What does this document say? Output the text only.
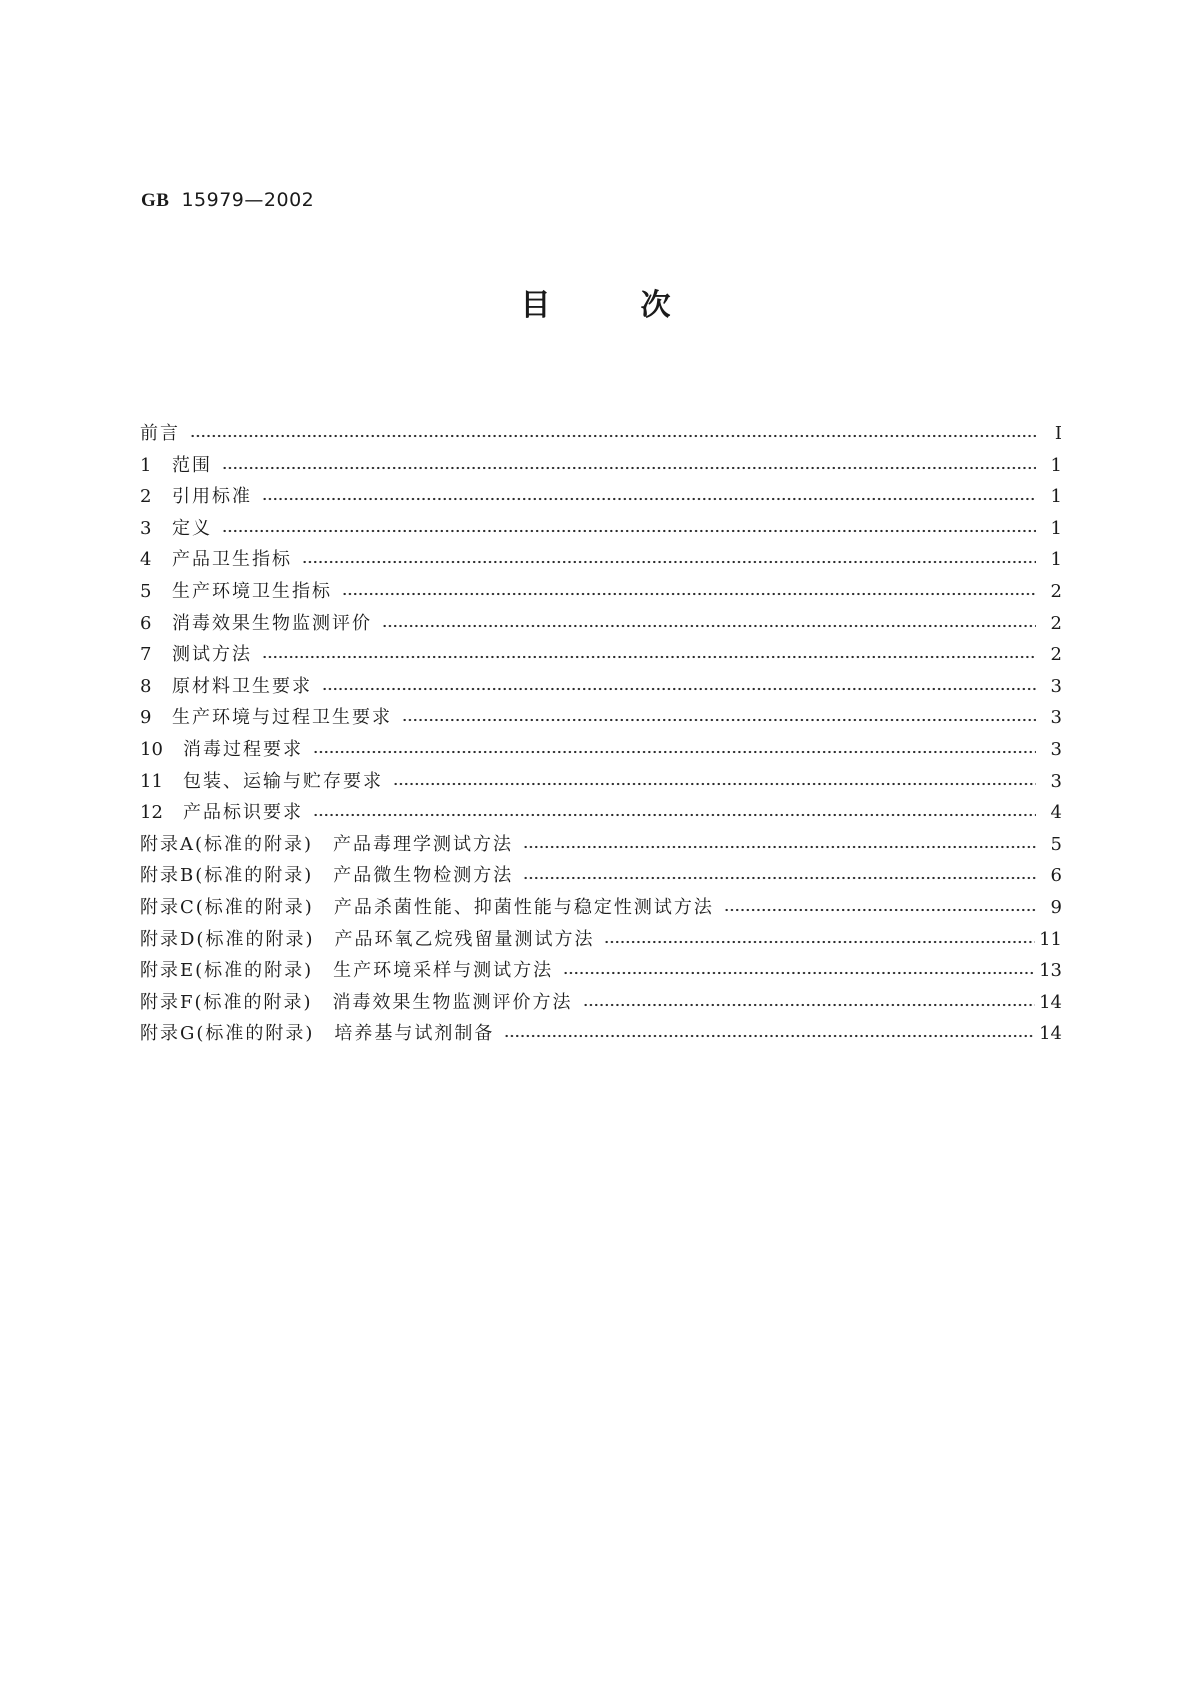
GB 15979—2002
目	次
前言	I
1	范围	1
2	引用标准	1
3	定义	1
4	产品卫生指标	1
5	生产环境卫生指标	2
6	消毒效果生物监测评价	2
7	测试方法	2
8	原材料卫生要求	3
9	生产环境与过程卫生要求	3
10	消毒过程要求	3
11	包装、运输与贮存要求	3
12	产品标识要求	4
附录A(标准的附录)　产品毒理学测试方法	5
附录B(标准的附录)　产品微生物检测方法	6
附录C(标准的附录)　产品杀菌性能、抑菌性能与稳定性测试方法	9
附录D(标准的附录)　产品环氧乙烷残留量测试方法	11
附录E(标准的附录)　生产环境采样与测试方法	13
附录F(标准的附录)　消毒效果生物监测评价方法	14
附录G(标准的附录)　培养基与试剂制备	14
